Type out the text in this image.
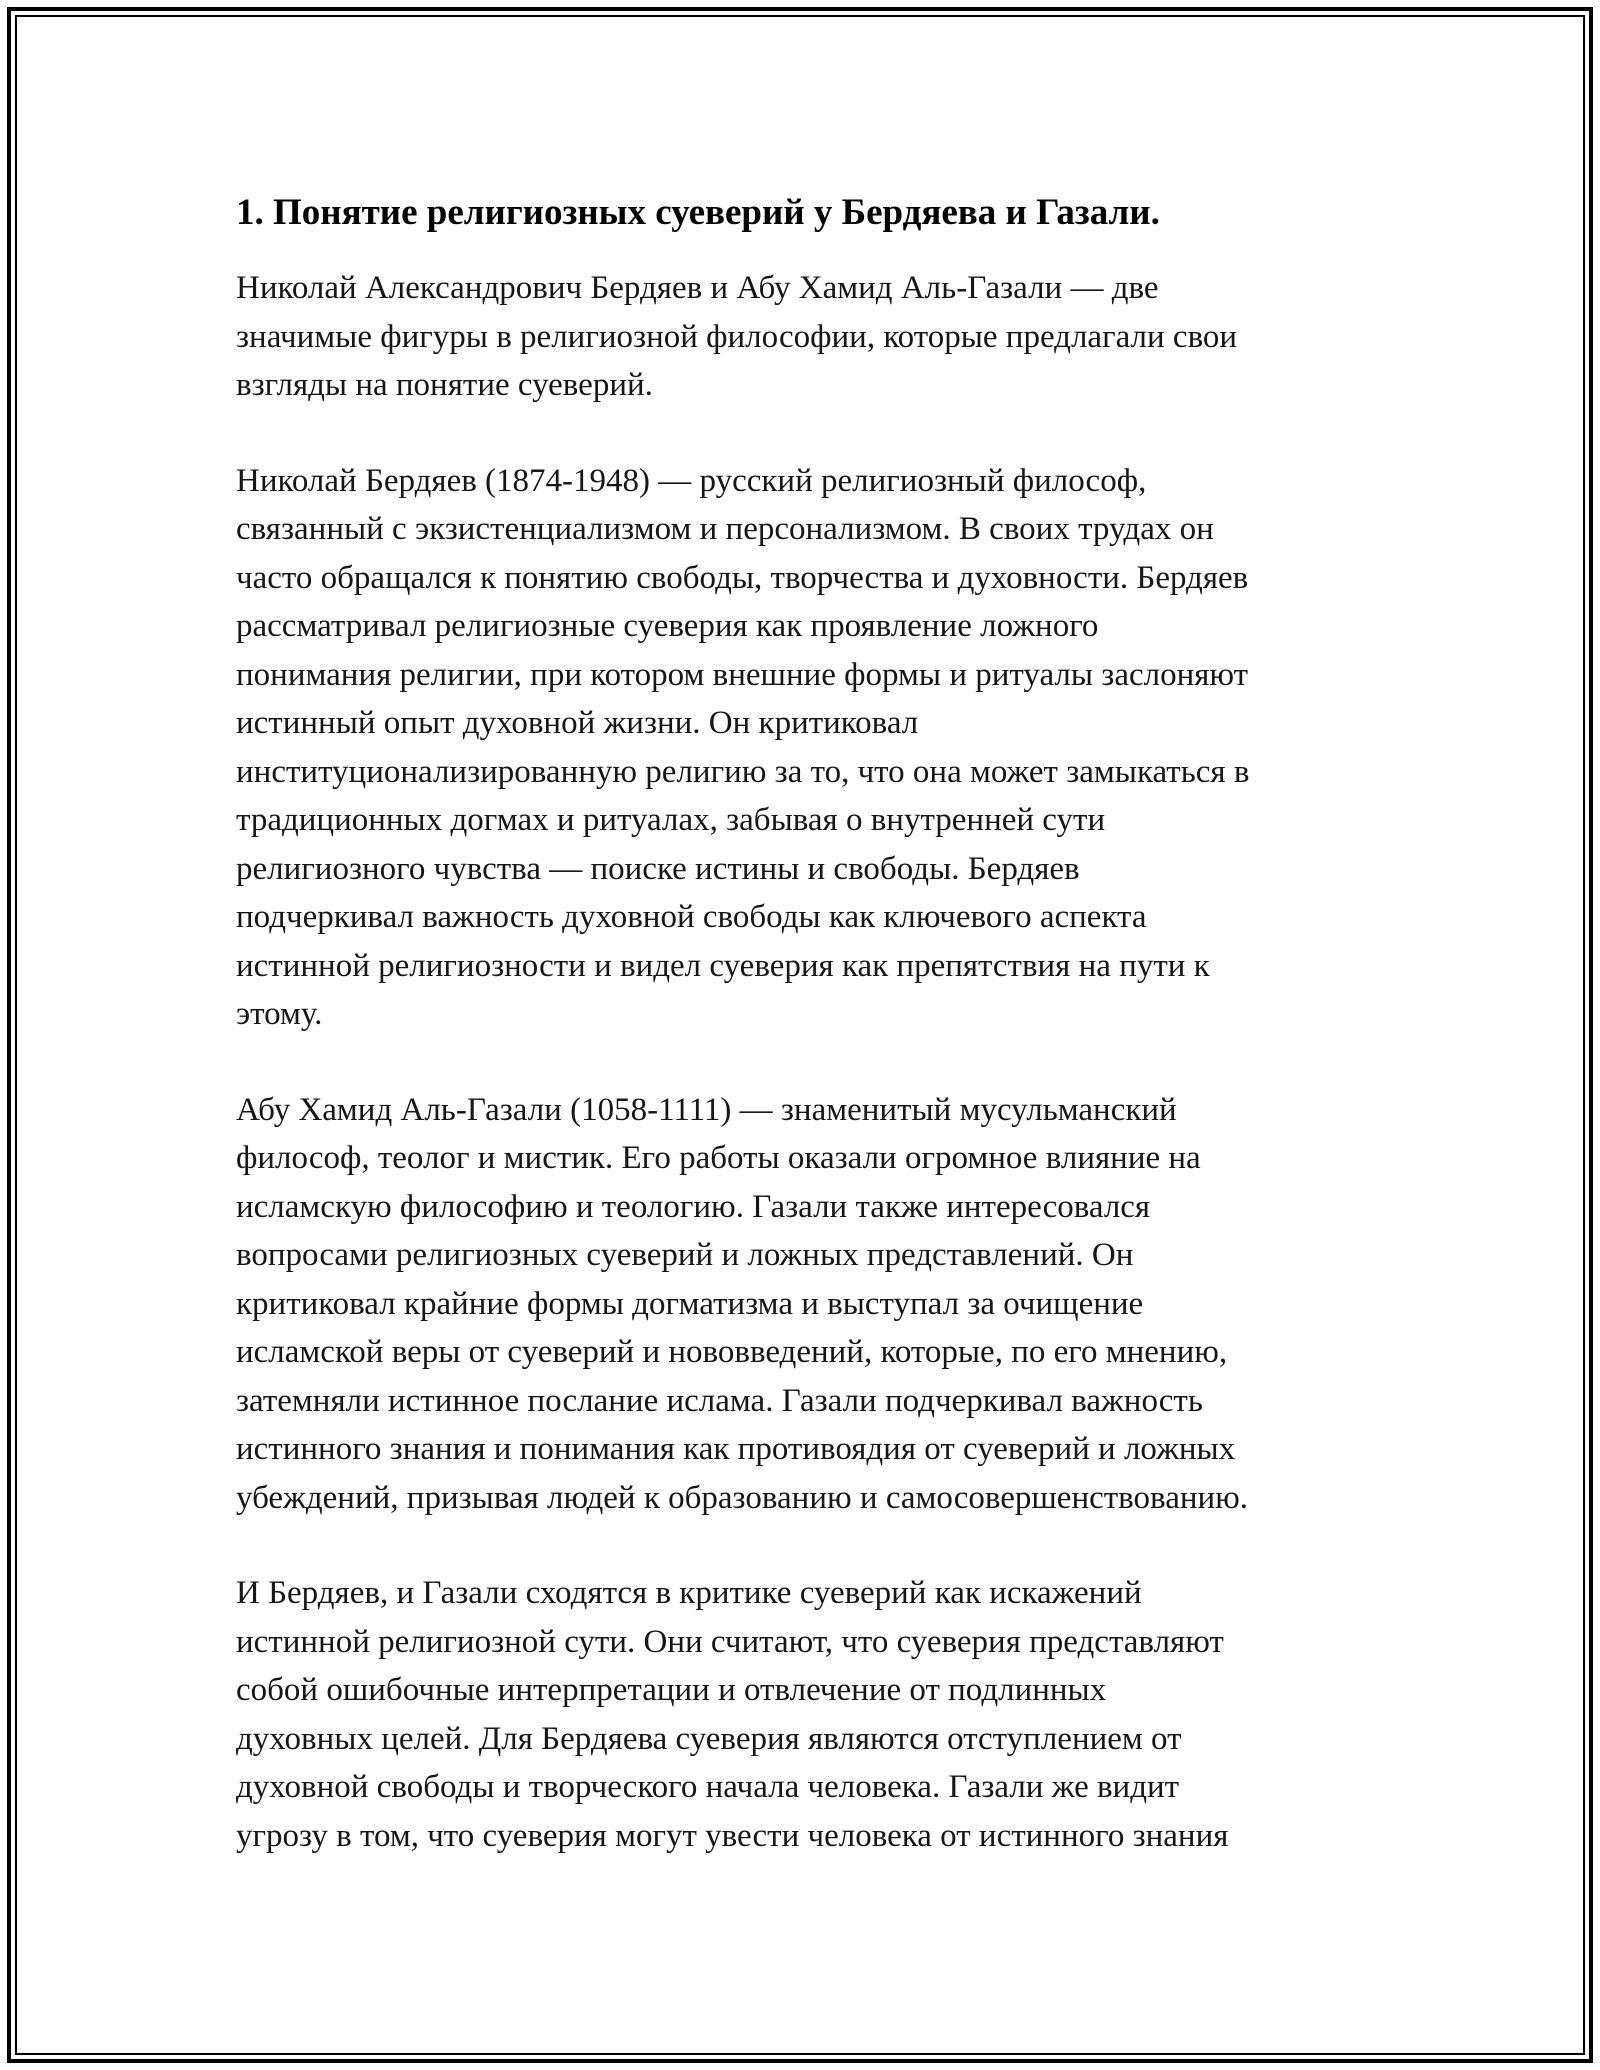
1. Понятие религиозных суеверий у Бердяева и Газали.

Николай Александрович Бердяев и Абу Хамид Аль-Газали — две
значимые фигуры в религиозной философии, которые предлагали свои
взгляды на понятие суеверий.

Николай Бердяев (1874-1948) — русский религиозный философ,
связанный с экзистенциализмом и персонализмом. В своих трудах он
часто обращался к понятию свободы, творчества и духовности. Бердяев
рассматривал религиозные суеверия как проявление ложного
понимания религии, при котором внешние формы и ритуалы заслоняют
истинный опыт духовной жизни. Он критиковал
институционализированную религию за то, что она может замыкаться в
традиционных догмах и ритуалах, забывая о внутренней сути
религиозного чувства — поиске истины и свободы. Бердяев
подчеркивал важность духовной свободы как ключевого аспекта
истинной религиозности и видел суеверия как препятствия на пути к
этому.

Абу Хамид Аль-Газали (1058-1111) — знаменитый мусульманский
философ, теолог и мистик. Его работы оказали огромное влияние на
исламскую философию и теологию. Газали также интересовался
вопросами религиозных суеверий и ложных представлений. Он
критиковал крайние формы догматизма и выступал за очищение
исламской веры от суеверий и нововведений, которые, по его мнению,
затемняли истинное послание ислама. Газали подчеркивал важность
истинного знания и понимания как противоядия от суеверий и ложных
убеждений, призывая людей к образованию и самосовершенствованию.

И Бердяев, и Газали сходятся в критике суеверий как искажений
истинной религиозной сути. Они считают, что суеверия представляют
собой ошибочные интерпретации и отвлечение от подлинных
духовных целей. Для Бердяева суеверия являются отступлением от
духовной свободы и творческого начала человека. Газали же видит
угрозу в том, что суеверия могут увести человека от истинного знания
